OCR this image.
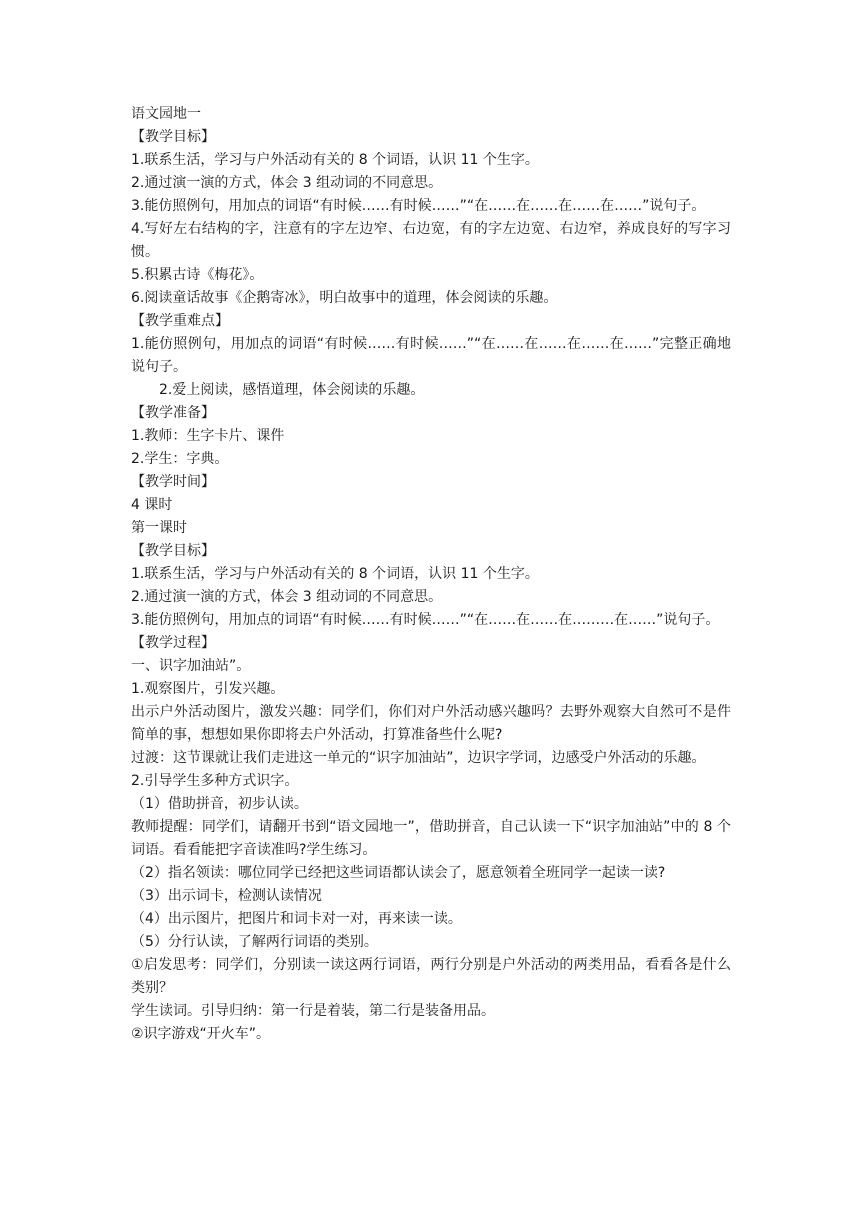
语文园地一

【教学目标】

1.联系生活，学习与户外活动有关的 8 个词语，认识 11 个生字。

2.通过演一演的方式，体会 3 组动词的不同意思。

3.能仿照例句，用加点的词语“有时候……有时候……”“在……在……在……在……”说句子。

4.写好左右结构的字，注意有的字左边窄、右边宽，有的字左边宽、右边窄，养成良好的写字习惯。

5.积累古诗《梅花》。

6.阅读童话故事《企鹅寄冰》，明白故事中的道理，体会阅读的乐趣。

【教学重难点】

1.能仿照例句，用加点的词语“有时候……有时候……”“在……在……在……在……”完整正确地说句子。

2.爱上阅读，感悟道理，体会阅读的乐趣。

【教学准备】

1.教师：生字卡片、课件

2.学生：字典。

【教学时间】

4 课时

第一课时

【教学目标】

1.联系生活，学习与户外活动有关的 8 个词语，认识 11 个生字。

2.通过演一演的方式，体会 3 组动词的不同意思。

3.能仿照例句，用加点的词语“有时候……有时候……”“在……在……在………在……”说句子。

【教学过程】

一、识字加油站”。

1.观察图片，引发兴趣。

出示户外活动图片，激发兴趣：同学们，你们对户外活动感兴趣吗？去野外观察大自然可不是件简单的事，想想如果你即将去户外活动，打算准备些什么呢?

过渡：这节课就让我们走进这一单元的“识字加油站”，边识字学词，边感受户外活动的乐趣。

2.引导学生多种方式识字。

（1）借助拼音，初步认读。

教师提醒：同学们，请翻开书到“语文园地一”，借助拼音，自己认读一下“识字加油站”中的 8 个词语。看看能把字音读准吗?学生练习。

（2）指名领读：哪位同学已经把这些词语都认读会了，愿意领着全班同学一起读一读?

（3）出示词卡，检测认读情况

（4）出示图片，把图片和词卡对一对，再来读一读。

（5）分行认读，了解两行词语的类别。

①启发思考：同学们，分别读一读这两行词语，两行分别是户外活动的两类用品，看看各是什么类别？

学生读词。引导归纳：第一行是着装，第二行是装备用品。

②识字游戏“开火车”。
